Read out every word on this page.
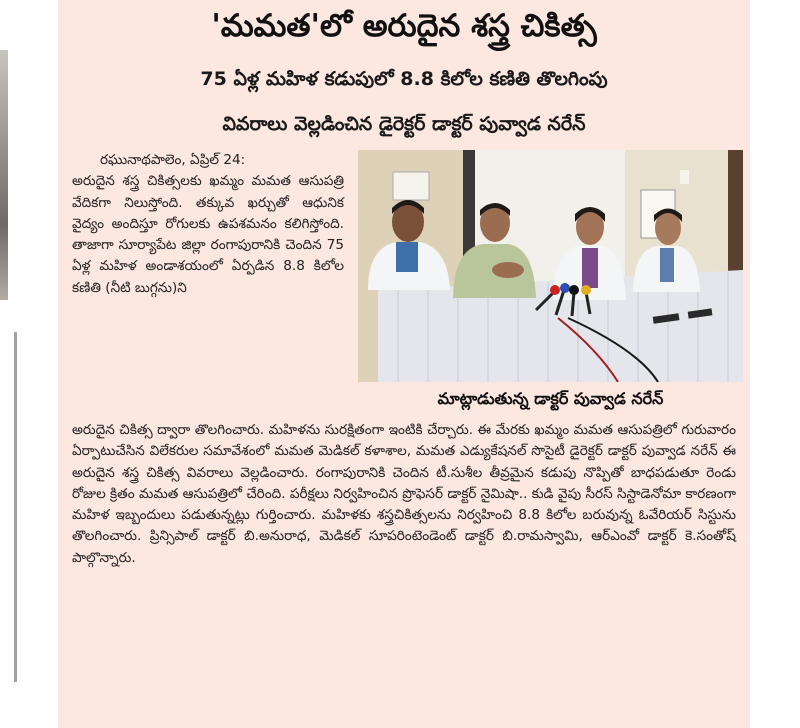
'మమత'లో అరుదైన శస్త్ర చికిత్స
75 ఏళ్ల మహిళ కడుపులో 8.8 కిలోల కణితి తొలగింపు
వివరాలు వెల్లడించిన డైరెక్టర్ డాక్టర్ పువ్వాడ నరేన్

రఘునాథపాలెం, ఏప్రిల్ 24:

అరుదైన శస్త్ర చికిత్సలకు ఖమ్మం మమత ఆసుపత్రి వేదికగా నిలుస్తోంది. తక్కువ ఖర్చుతో ఆధునిక వైద్యం అందిస్తూ రోగులకు ఉపశమనం కలిగిస్తోంది. తాజాగా సూర్యాపేట జిల్లా రంగాపురానికి చెందిన 75 ఏళ్ల మహిళ అండాశయంలో ఏర్పడిన 8.8 కిలోల కణితి (నీటి బుగ్గను)ని

మాట్లాడుతున్న డాక్టర్ పువ్వాడ నరేన్

అరుదైన చికిత్స ద్వారా తొలగించారు. మహిళను సురక్షితంగా ఇంటికి చేర్చారు. ఈ మేరకు ఖమ్మం మమత ఆసుపత్రిలో గురువారం ఏర్పాటుచేసిన విలేకరుల సమావేశంలో మమత మెడికల్ కళాశాల, మమత ఎడ్యుకేషనల్ సొసైటీ డైరెక్టర్ డాక్టర్ పువ్వాడ నరేన్ ఈ అరుదైన శస్త్ర చికిత్స వివరాలు వెల్లడించారు. రంగాపురానికి చెందిన టీ.సుశీల తీవ్రమైన కడుపు నొప్పితో బాధపడుతూ రెండు రోజుల క్రితం మమత ఆసుపత్రిలో చేరింది. పరీక్షలు నిర్వహించిన ప్రొఫెసర్ డాక్టర్ నైమిషా.. కుడి వైపు సీరస్ సిస్టాడెనోమా కారణంగా మహిళ ఇబ్బందులు పడుతున్నట్లు గుర్తించారు. మహిళకు శస్త్రచికిత్సలను నిర్వహించి 8.8 కిలోల బరువున్న ఓవేరియర్ సిస్టును తొలగించారు. ప్రిన్సిపాల్ డాక్టర్ బి.అనురాధ, మెడికల్ సూపరింటెండెంట్ డాక్టర్ బి.రామస్వామి, ఆర్ఎంవో డాక్టర్ కె.సంతోష్ పాల్గొన్నారు.
